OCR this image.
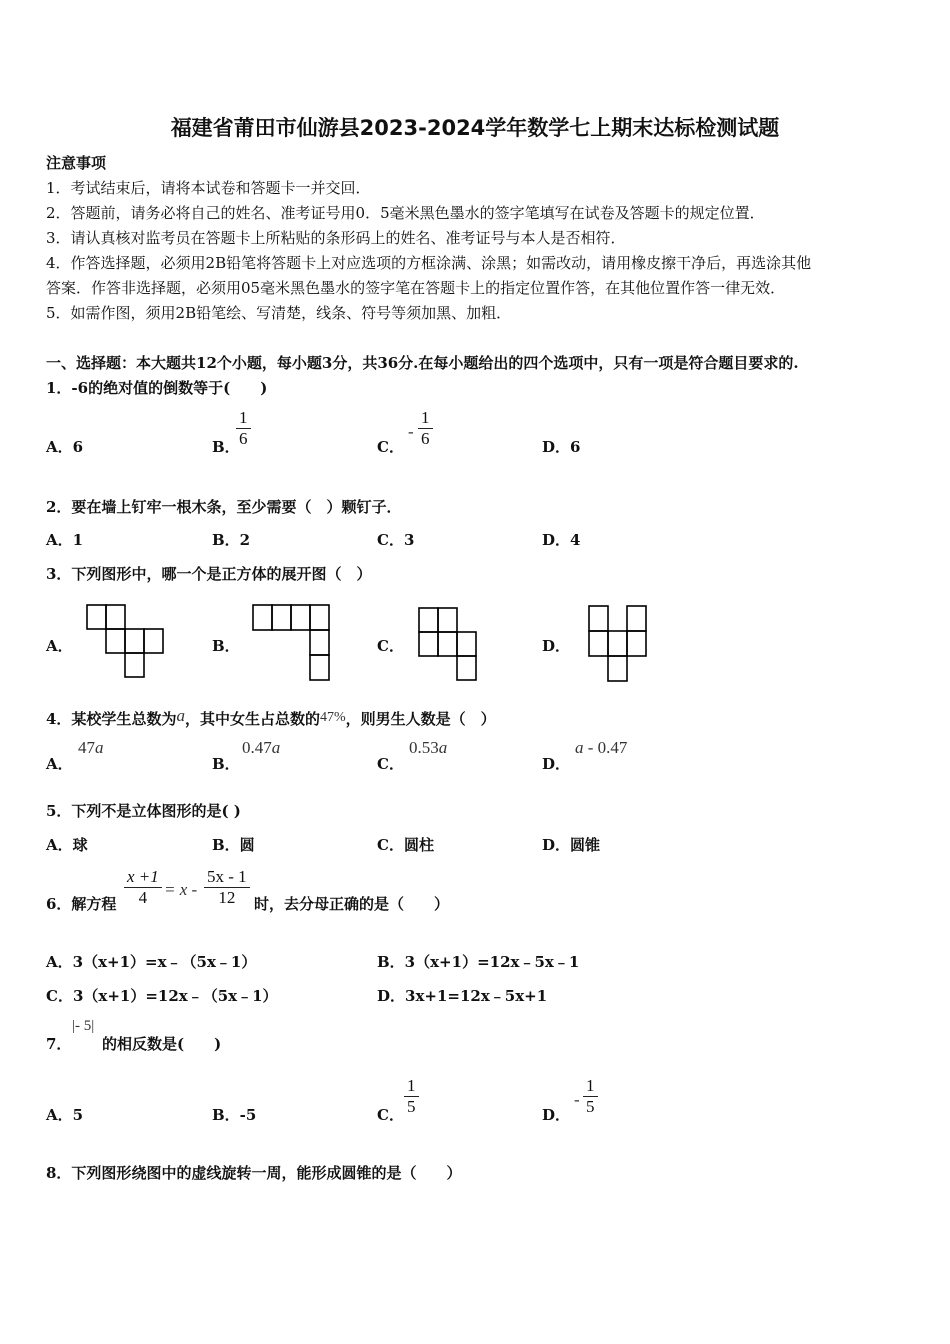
福建省莆田市仙游县2023-2024学年数学七上期末达标检测试题
注意事项
1．考试结束后，请将本试卷和答题卡一并交回．
2．答题前，请务必将自己的姓名、准考证号用0．5毫米黑色墨水的签字笔填写在试卷及答题卡的规定位置．
3．请认真核对监考员在答题卡上所粘贴的条形码上的姓名、准考证号与本人是否相符．
4．作答选择题，必须用2B铅笔将答题卡上对应选项的方框涂满、涂黑；如需改动，请用橡皮擦干净后，再选涂其他
答案．作答非选择题，必须用05毫米黑色墨水的签字笔在答题卡上的指定位置作答，在其他位置作答一律无效．
5．如需作图，须用2B铅笔绘、写清楚，线条、符号等须加黑、加粗．
一、选择题：本大题共12个小题，每小题3分，共36分.在每小题给出的四个选项中，只有一项是符合题目要求的.
1．-6的绝对值的倒数等于(　　)
A．6	B．
$\frac{1}{6}$	C．
- $\frac{1}{6}$	D．6
2．要在墙上钉牢一根木条，至少需要（　）颗钉子．
A．1	B．2	C．3	D．4
3．下列图形中，哪一个是正方体的展开图（　）
A．	B．	C．	D．
4．某校学生总数为a，其中女生占总数的47%，则男生人数是（　）
A．
47a
B．
0.47a
C．
0.53a
D．
a - 0.47
5．下列不是立体图形的是( )
A．球	B．圆	C．圆柱	D．圆锥
6．解方程 $\frac{x +1}{4} = x - \frac{5x - 1}{12}$ 时，去分母正确的是（　　）
A．3（x+1）=x﹣（5x﹣1）	B．3（x+1）=12x﹣5x﹣1
C．3（x+1）=12x﹣（5x﹣1）	D．3x+1=12x﹣5x+1
7．
|- 5|
的相反数是(　　)
A．5	B．-5	C． $\frac{1}{5}$	D．
- $\frac{1}{5}$
8．下列图形绕图中的虚线旋转一周，能形成圆锥的是（　　）
